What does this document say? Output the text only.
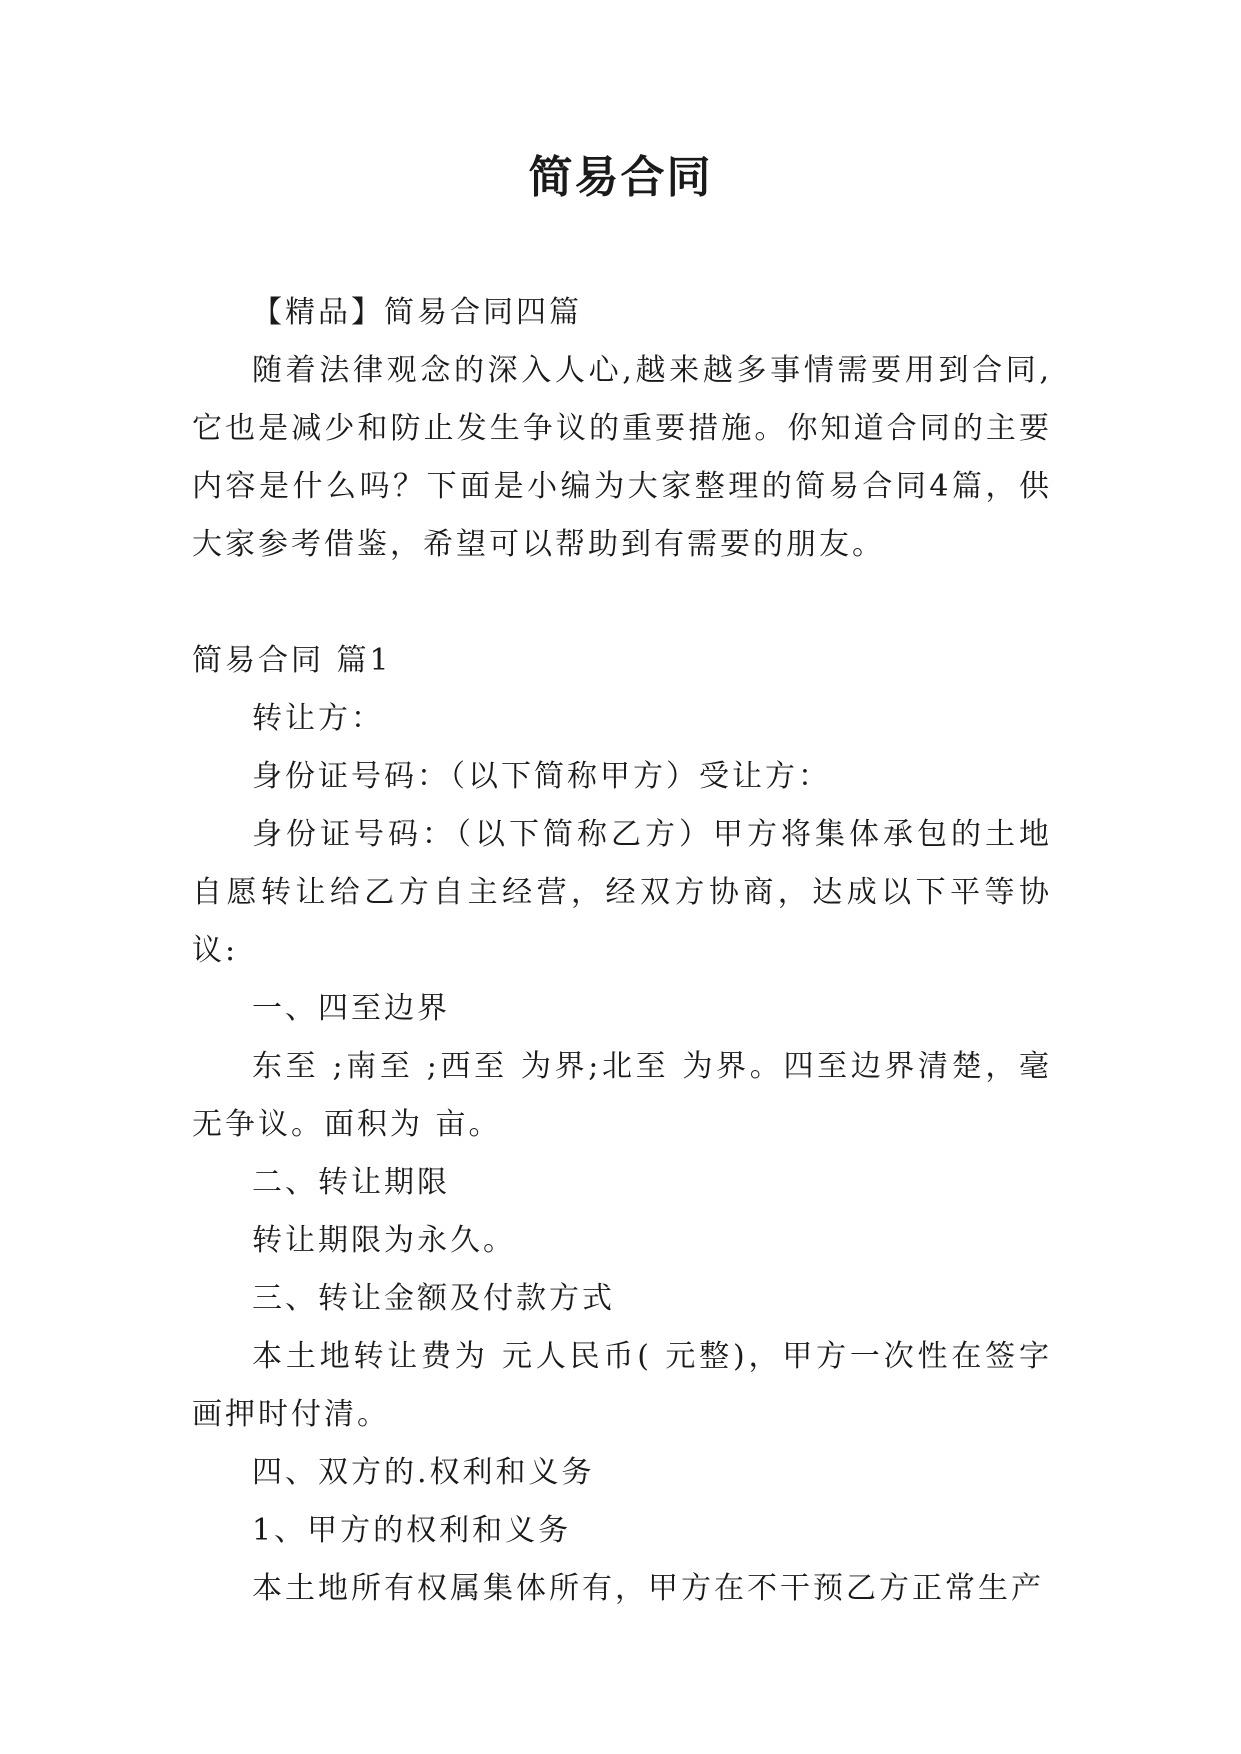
简易合同

【精品】简易合同四篇

随着法律观念的深入人心,越来越多事情需要用到合同,它也是减少和防止发生争议的重要措施。你知道合同的主要内容是什么吗？下面是小编为大家整理的简易合同4篇，供大家参考借鉴，希望可以帮助到有需要的朋友。

简易合同 篇1

转让方：

身份证号码：（以下简称甲方）受让方：

身份证号码：（以下简称乙方）甲方将集体承包的土地自愿转让给乙方自主经营，经双方协商，达成以下平等协议:

一、四至边界

东至 ;南至 ;西至 为界;北至 为界。四至边界清楚，毫无争议。面积为 亩。

二、转让期限

转让期限为永久。

三、转让金额及付款方式

本土地转让费为 元人民币( 元整)，甲方一次性在签字画押时付清。

四、双方的.权利和义务

1、甲方的权利和义务

本土地所有权属集体所有，甲方在不干预乙方正常生产
